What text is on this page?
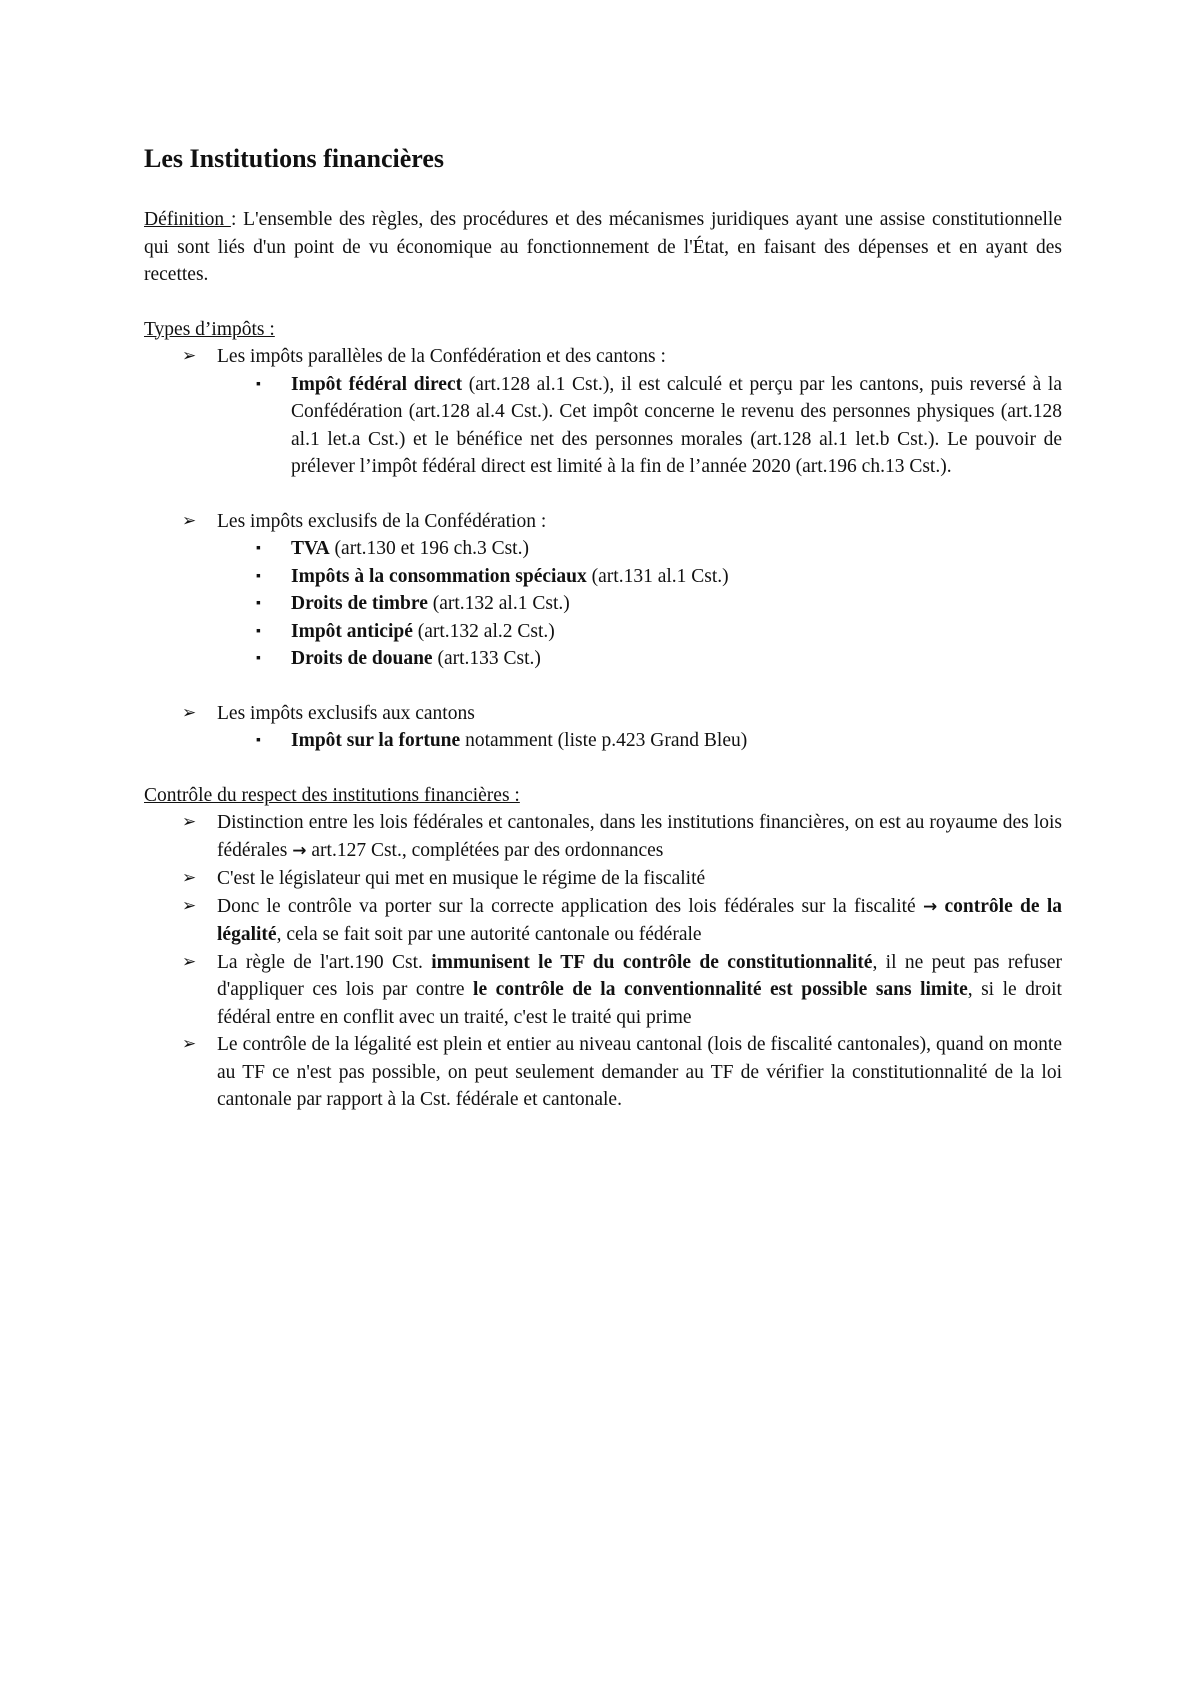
Les Institutions financières

Définition : L'ensemble des règles, des procédures et des mécanismes juridiques ayant une assise constitutionnelle qui sont liés d'un point de vu économique au fonctionnement de l'État, en faisant des dépenses et en ayant des recettes.

Types d’impôts :

➢ Les impôts parallèles de la Confédération et des cantons :
▪	Impôt fédéral direct (art.128 al.1 Cst.), il est calculé et perçu par les cantons, puis reversé à la Confédération (art.128 al.4 Cst.). Cet impôt concerne le revenu des personnes physiques (art.128 al.1 let.a Cst.) et le bénéfice net des personnes morales (art.128 al.1 let.b Cst.). Le pouvoir de prélever l’impôt fédéral direct est limité à la fin de l’année 2020 (art.196 ch.13 Cst.).
➢ Les impôts exclusifs de la Confédération :
▪	TVA (art.130 et 196 ch.3 Cst.)
▪	Impôts à la consommation spéciaux (art.131 al.1 Cst.)
▪	Droits de timbre (art.132 al.1 Cst.)
▪	Impôt anticipé (art.132 al.2 Cst.)
▪	Droits de douane (art.133 Cst.)
➢ Les impôts exclusifs aux cantons
▪	Impôt sur la fortune notamment (liste p.423 Grand Bleu)

Contrôle du respect des institutions financières :

➢ Distinction entre les lois fédérales et cantonales, dans les institutions financières, on est au royaume des lois fédérales → art.127 Cst., complétées par des ordonnances
➢ C'est le législateur qui met en musique le régime de la fiscalité
➢ Donc le contrôle va porter sur la correcte application des lois fédérales sur la fiscalité → contrôle de la légalité, cela se fait soit par une autorité cantonale ou fédérale
➢ La règle de l'art.190 Cst. immunisent le TF du contrôle de constitutionnalité, il ne peut pas refuser d'appliquer ces lois par contre le contrôle de la conventionnalité est possible sans limite, si le droit fédéral entre en conflit avec un traité, c'est le traité qui prime
➢ Le contrôle de la légalité est plein et entier au niveau cantonal (lois de fiscalité cantonales), quand on monte au TF ce n'est pas possible, on peut seulement demander au TF de vérifier la constitutionnalité de la loi cantonale par rapport à la Cst. fédérale et cantonale.
